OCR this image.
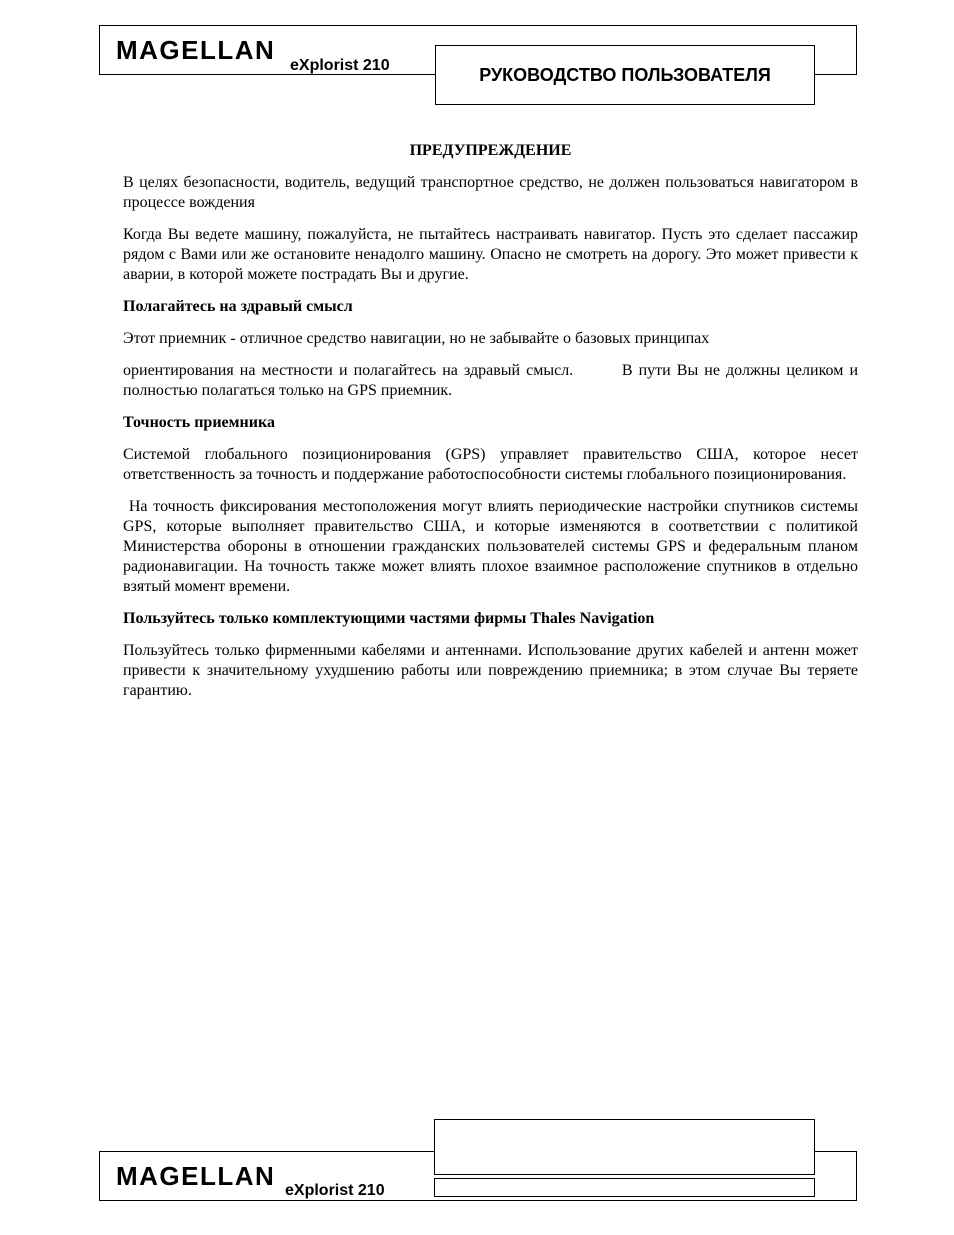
MAGELLAN
eXplorist 210	РУКОВОДСТВО ПОЛЬЗОВАТЕЛЯ
ПРЕДУПРЕЖДЕНИЕ

В целях безопасности, водитель, ведущий транспортное средство, не должен пользоваться навигатором в процессе вождения

Когда Вы ведете машину, пожалуйста, не пытайтесь настраивать навигатор. Пусть это сделает пассажир рядом с Вами или же остановите ненадолго машину. Опасно не смотреть на дорогу. Это может привести к аварии, в которой можете пострадать Вы и другие.

Полагайтесь на здравый смысл

Этот приемник - отличное средство навигации, но не забывайте о базовых принципах

ориентирования на местности и полагайтесь на здравый смысл.        В пути Вы не должны целиком и полностью полагаться только на GPS приемник.

Точность приемника

Системой глобального позиционирования (GPS) управляет правительство США, которое несет ответственность за точность и поддержание работоспособности системы глобального позиционирования.

На точность фиксирования местоположения могут влиять периодические настройки спутников системы GPS, которые выполняет правительство США, и которые изменяются в соответствии с политикой Министерства обороны в отношении гражданских пользователей системы GPS и федеральным планом радионавигации. На точность также может влиять плохое взаимное расположение спутников в отдельно взятый момент времени.

Пользуйтесь только комплектующими частями фирмы Thales Navigation

Пользуйтесь только фирменными кабелями и антеннами. Использование других кабелей и антенн может привести к значительному ухудшению работы или повреждению приемника; в этом случае Вы теряете гарантию.

MAGELLAN eXplorist 210
